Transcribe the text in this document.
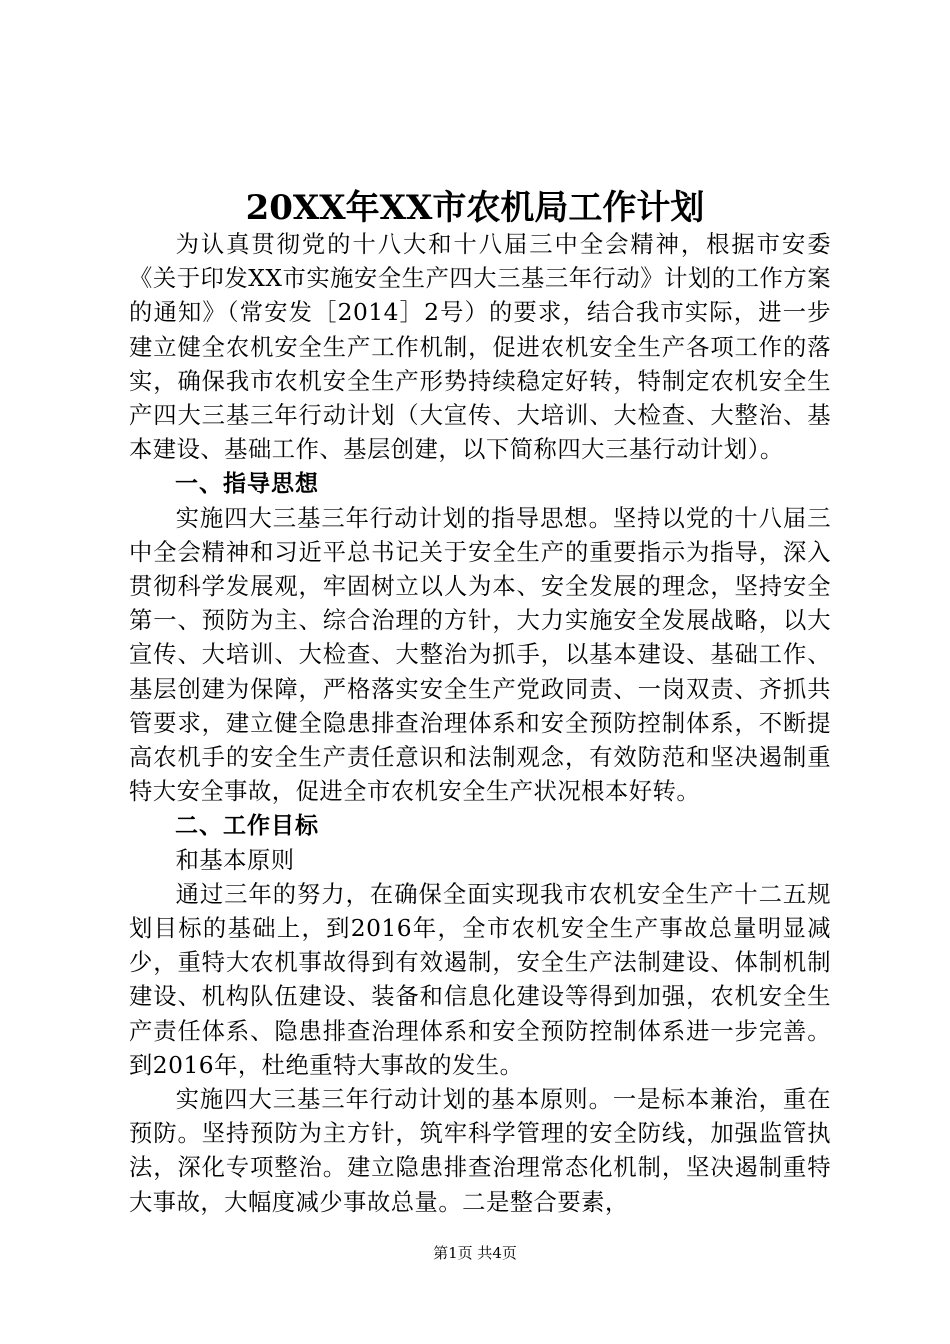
20XX年XX市农机局工作计划

为认真贯彻党的十八大和十八届三中全会精神，根据市安委《关于印发XX市实施安全生产四大三基三年行动》计划的工作方案的通知》（常安发［2014］2号）的要求，结合我市实际，进一步建立健全农机安全生产工作机制，促进农机安全生产各项工作的落实，确保我市农机安全生产形势持续稳定好转，特制定农机安全生产四大三基三年行动计划（大宣传、大培训、大检查、大整治、基本建设、基础工作、基层创建，以下简称四大三基行动计划）。

一、指导思想

实施四大三基三年行动计划的指导思想。坚持以党的十八届三中全会精神和习近平总书记关于安全生产的重要指示为指导，深入贯彻科学发展观，牢固树立以人为本、安全发展的理念，坚持安全第一、预防为主、综合治理的方针，大力实施安全发展战略，以大宣传、大培训、大检查、大整治为抓手，以基本建设、基础工作、基层创建为保障，严格落实安全生产党政同责、一岗双责、齐抓共管要求，建立健全隐患排查治理体系和安全预防控制体系，不断提高农机手的安全生产责任意识和法制观念，有效防范和坚决遏制重特大安全事故，促进全市农机安全生产状况根本好转。

二、工作目标

和基本原则

通过三年的努力，在确保全面实现我市农机安全生产十二五规划目标的基础上，到2016年，全市农机安全生产事故总量明显减少，重特大农机事故得到有效遏制，安全生产法制建设、体制机制建设、机构队伍建设、装备和信息化建设等得到加强，农机安全生产责任体系、隐患排查治理体系和安全预防控制体系进一步完善。到2016年，杜绝重特大事故的发生。

实施四大三基三年行动计划的基本原则。一是标本兼治，重在预防。坚持预防为主方针，筑牢科学管理的安全防线，加强监管执法，深化专项整治。建立隐患排查治理常态化机制，坚决遏制重特大事故，大幅度减少事故总量。二是整合要素，

第1页 共4页
